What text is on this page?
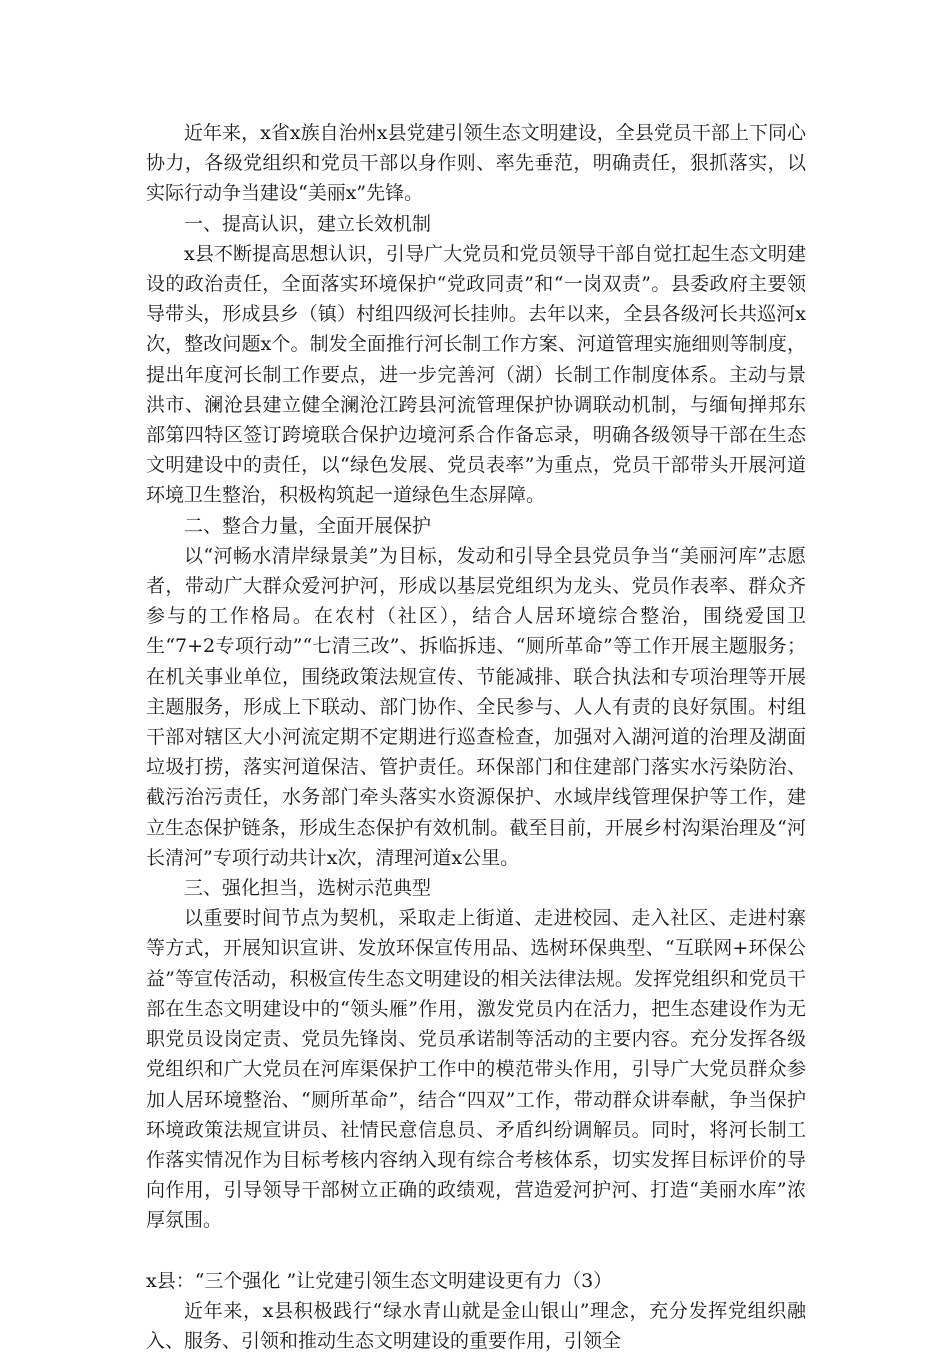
近年来，x省x族自治州x县党建引领生态文明建设，全县党员干部上下同心协力，各级党组织和党员干部以身作则、率先垂范，明确责任，狠抓落实，以实际行动争当建设“美丽x”先锋。

一、提高认识，建立长效机制

x县不断提高思想认识，引导广大党员和党员领导干部自觉扛起生态文明建设的政治责任，全面落实环境保护“党政同责”和“一岗双责”。县委政府主要领导带头，形成县乡（镇）村组四级河长挂帅。去年以来，全县各级河长共巡河x次，整改问题x个。制发全面推行河长制工作方案、河道管理实施细则等制度，提出年度河长制工作要点，进一步完善河（湖）长制工作制度体系。主动与景洪市、澜沧县建立健全澜沧江跨县河流管理保护协调联动机制，与缅甸掸邦东部第四特区签订跨境联合保护边境河系合作备忘录，明确各级领导干部在生态文明建设中的责任，以“绿色发展、党员表率”为重点，党员干部带头开展河道环境卫生整治，积极构筑起一道绿色生态屏障。

二、整合力量，全面开展保护

以“河畅水清岸绿景美”为目标，发动和引导全县党员争当“美丽河库”志愿者，带动广大群众爱河护河，形成以基层党组织为龙头、党员作表率、群众齐参与的工作格局。在农村（社区），结合人居环境综合整治，围绕爱国卫生“7+2专项行动”“七清三改”、拆临拆违、“厕所革命”等工作开展主题服务；在机关事业单位，围绕政策法规宣传、节能减排、联合执法和专项治理等开展主题服务，形成上下联动、部门协作、全民参与、人人有责的良好氛围。村组干部对辖区大小河流定期不定期进行巡查检查，加强对入湖河道的治理及湖面垃圾打捞，落实河道保洁、管护责任。环保部门和住建部门落实水污染防治、截污治污责任，水务部门牵头落实水资源保护、水域岸线管理保护等工作，建立生态保护链条，形成生态保护有效机制。截至目前，开展乡村沟渠治理及“河长清河”专项行动共计x次，清理河道x公里。

三、强化担当，选树示范典型

以重要时间节点为契机，采取走上街道、走进校园、走入社区、走进村寨等方式，开展知识宣讲、发放环保宣传用品、选树环保典型、“互联网+环保公益”等宣传活动，积极宣传生态文明建设的相关法律法规。发挥党组织和党员干部在生态文明建设中的“领头雁”作用，激发党员内在活力，把生态建设作为无职党员设岗定责、党员先锋岗、党员承诺制等活动的主要内容。充分发挥各级党组织和广大党员在河库渠保护工作中的模范带头作用，引导广大党员群众参加人居环境整治、“厕所革命”，结合“四双”工作，带动群众讲奉献，争当保护环境政策法规宣讲员、社情民意信息员、矛盾纠纷调解员。同时，将河长制工作落实情况作为目标考核内容纳入现有综合考核体系，切实发挥目标评价的导向作用，引导领导干部树立正确的政绩观，营造爱河护河、打造“美丽水库”浓厚氛围。

x县：“三个强化 ”让党建引领生态文明建设更有力（3）

近年来，x县积极践行“绿水青山就是金山银山”理念，充分发挥党组织融入、服务、引领和推动生态文明建设的重要作用，引领全
